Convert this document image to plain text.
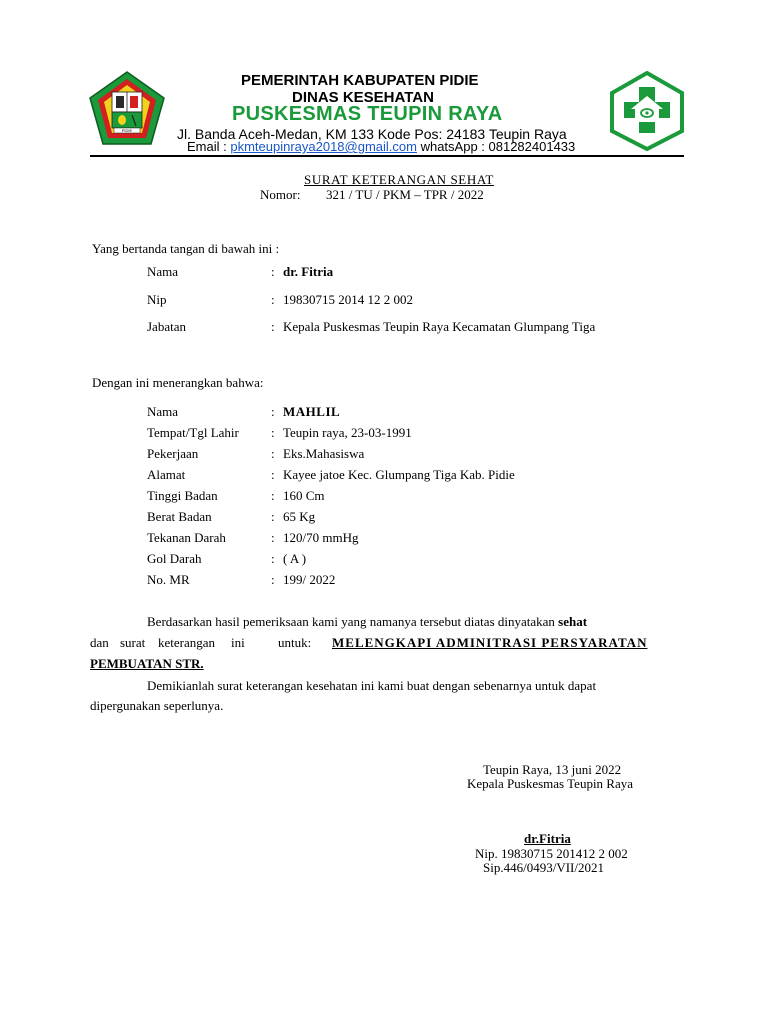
PIDIE
PEMERINTAH KABUPATEN PIDIE
DINAS KESEHATAN
PUSKESMAS TEUPIN RAYA
Jl. Banda Aceh-Medan, KM 133 Kode Pos: 24183 Teupin Raya
Email : pkmteupinraya2018@gmail.com whatsApp : 081282401433
SURAT KETERANGAN SEHAT
Nomor: 321 / TU / PKM – TPR / 2022
Yang bertanda tangan di bawah ini :
Nama	: dr. Fitria
Nip	: 19830715 2014 12 2 002
Jabatan	: Kepala Puskesmas Teupin Raya Kecamatan Glumpang Tiga
Dengan ini menerangkan bahwa:
Nama	: MAHLIL
Tempat/Tgl Lahir : Teupin raya, 23-03-1991
Pekerjaan	: Eks.Mahasiswa
Alamat	: Kayee jatoe Kec. Glumpang Tiga Kab. Pidie
Tinggi Badan	: 160 Cm
Berat Badan	: 65 Kg
Tekanan Darah	: 120/70 mmHg
Gol Darah	: ( A )
No. MR	: 199/ 2022
Berdasarkan hasil pemeriksaan kami yang namanya tersebut diatas dinyatakan sehat
dan surat keterangan ini	untuk: MELENGKAPI ADMINITRASI PERSYARATAN
PEMBUATAN STR.
Demikianlah surat keterangan kesehatan ini kami buat dengan sebenarnya untuk dapat
dipergunakan seperlunya.
Teupin Raya, 13 juni 2022
Kepala Puskesmas Teupin Raya
dr.Fitria
Nip. 19830715 201412 2 002
Sip.446/0493/VII/2021
